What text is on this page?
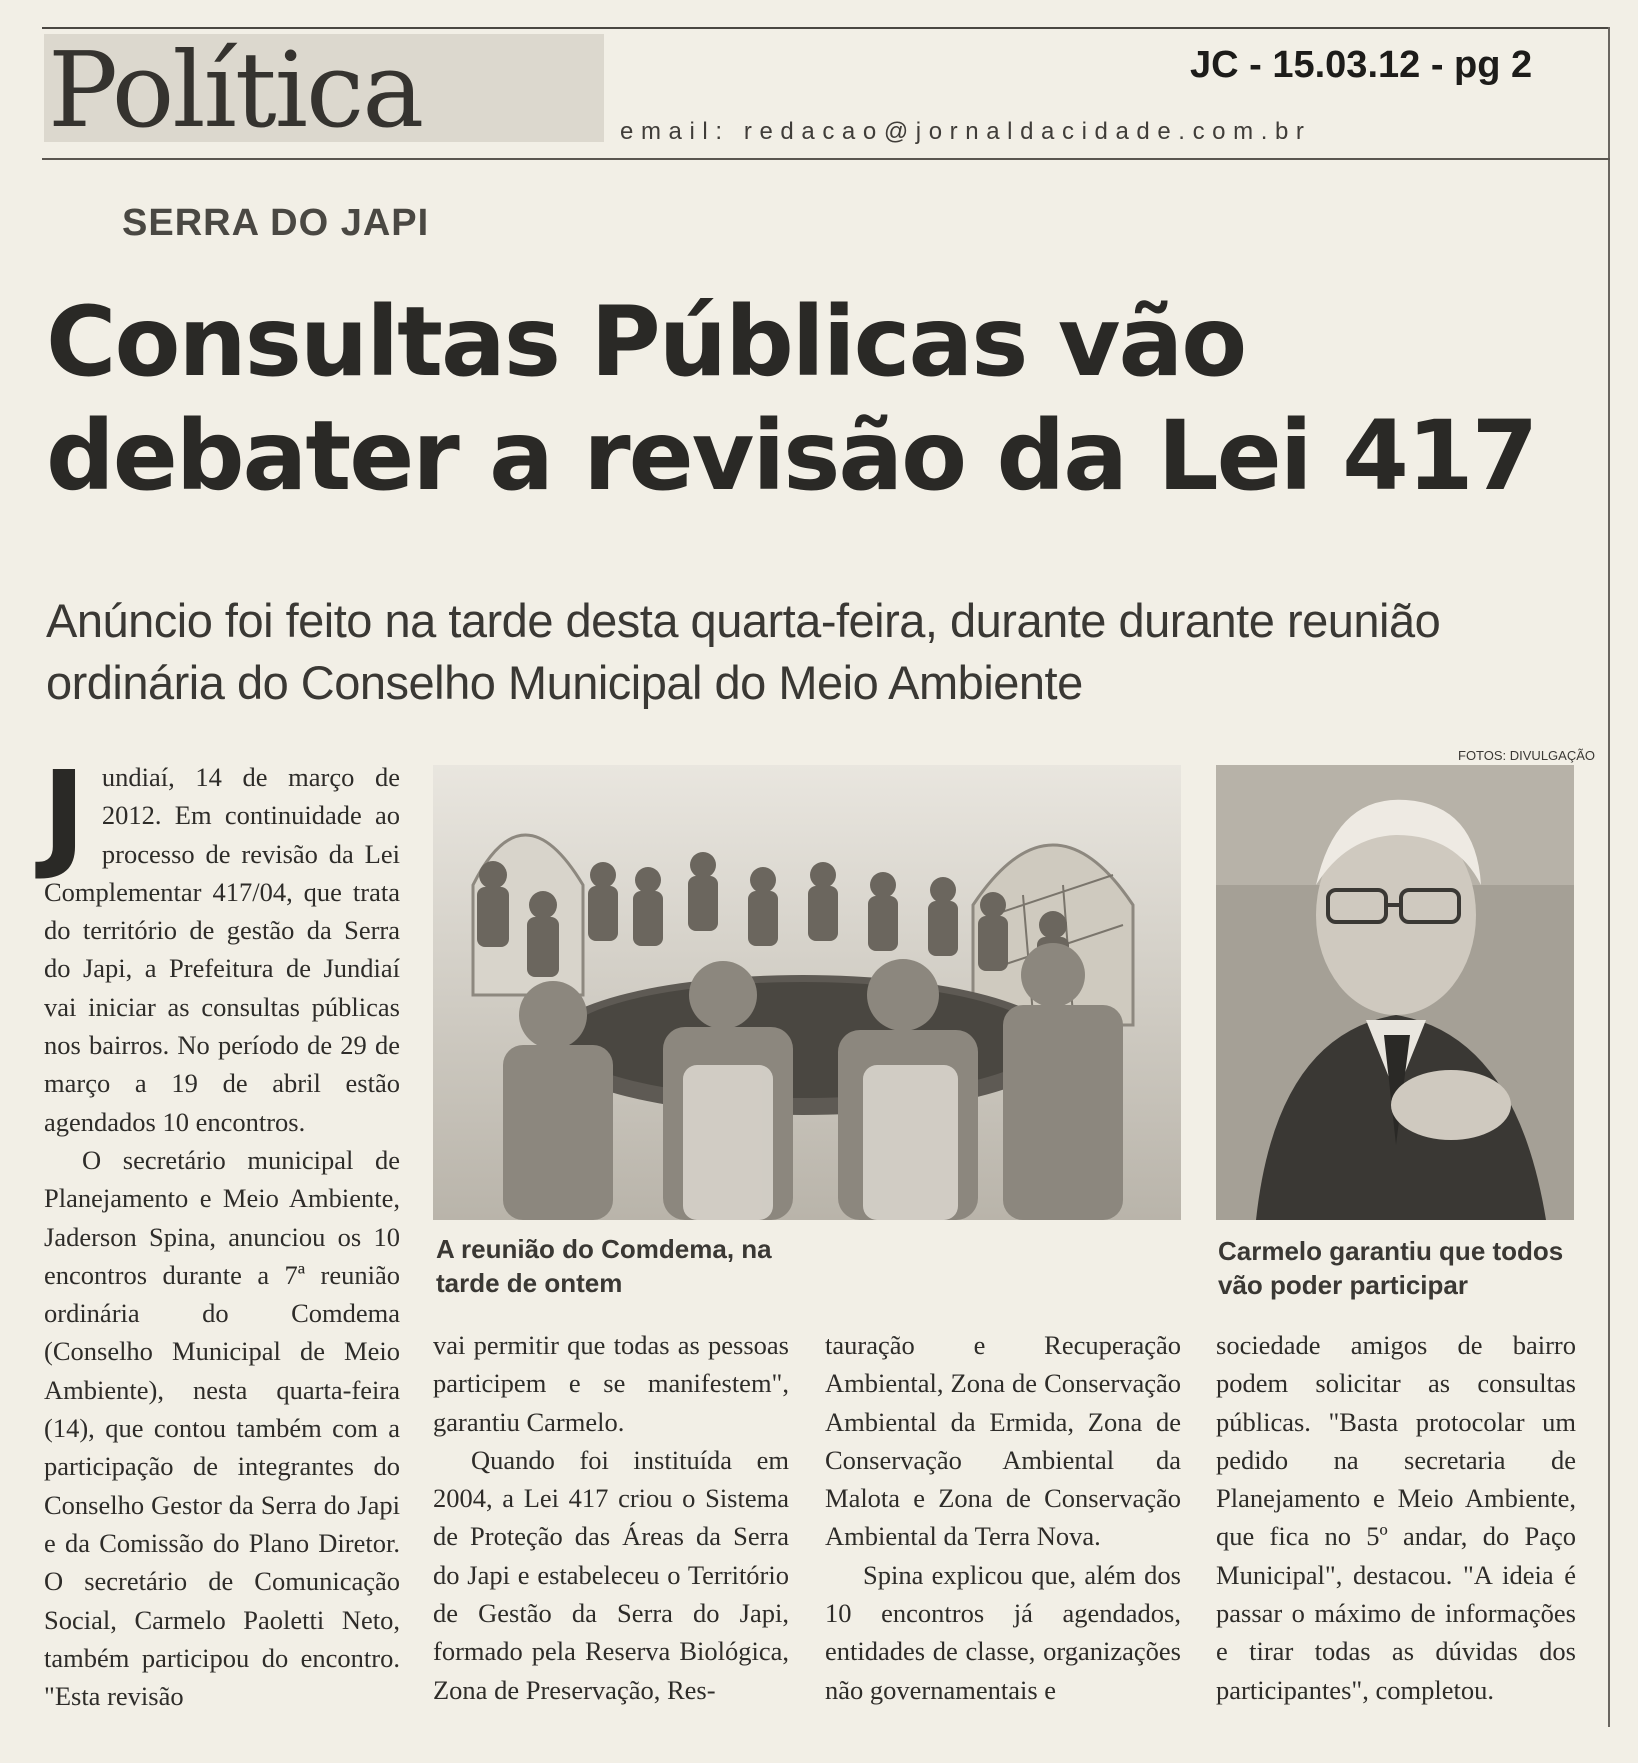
Política	JC - 15.03.12 - pg 2
email: redacao@jornaldacidade.com.br
SERRA DO JAPI
Consultas Públicas vão
debater a revisão da Lei 417
Anúncio foi feito na tarde desta quarta-feira, durante durante reunião ordinária do Conselho Municipal do Meio Ambiente
FOTOS: DIVULGAÇÃO
A reunião do Comdema, na tarde de ontem
Carmelo garantiu que todos vão poder participar
J undiaí, 14 de março de 2012. Em continuidade ao processo de revisão da Lei Complementar 417/04, que trata do território de gestão da Serra do Japi, a Prefeitura de Jundiaí vai iniciar as consultas públicas nos bairros. No período de 29 de março a 19 de abril estão agendados 10 encontros.

O secretário municipal de Planejamento e Meio Ambiente, Jaderson Spina, anunciou os 10 encontros durante a 7ª reunião ordinária do Comdema (Conselho Municipal de Meio Ambiente), nesta quarta-feira (14), que contou também com a participação de integrantes do Conselho Gestor da Serra do Japi e da Comissão do Plano Diretor. O secretário de Comunicação Social, Carmelo Paoletti Neto, também participou do encontro. "Esta revisão

vai permitir que todas as pessoas participem e se manifestem", garantiu Carmelo.

Quando foi instituída em 2004, a Lei 417 criou o Sistema de Proteção das Áreas da Serra do Japi e estabeleceu o Território de Gestão da Serra do Japi, formado pela Reserva Biológica, Zona de Preservação, Res-

tauração e Recuperação Ambiental, Zona de Conservação Ambiental da Ermida, Zona de Conservação Ambiental da Malota e Zona de Conservação Ambiental da Terra Nova.

Spina explicou que, além dos 10 encontros já agendados, entidades de classe, organizações não governamentais e

sociedade amigos de bairro podem solicitar as consultas públicas. "Basta protocolar um pedido na secretaria de Planejamento e Meio Ambiente, que fica no 5º andar, do Paço Municipal", destacou. "A ideia é passar o máximo de informações e tirar todas as dúvidas dos participantes", completou.
